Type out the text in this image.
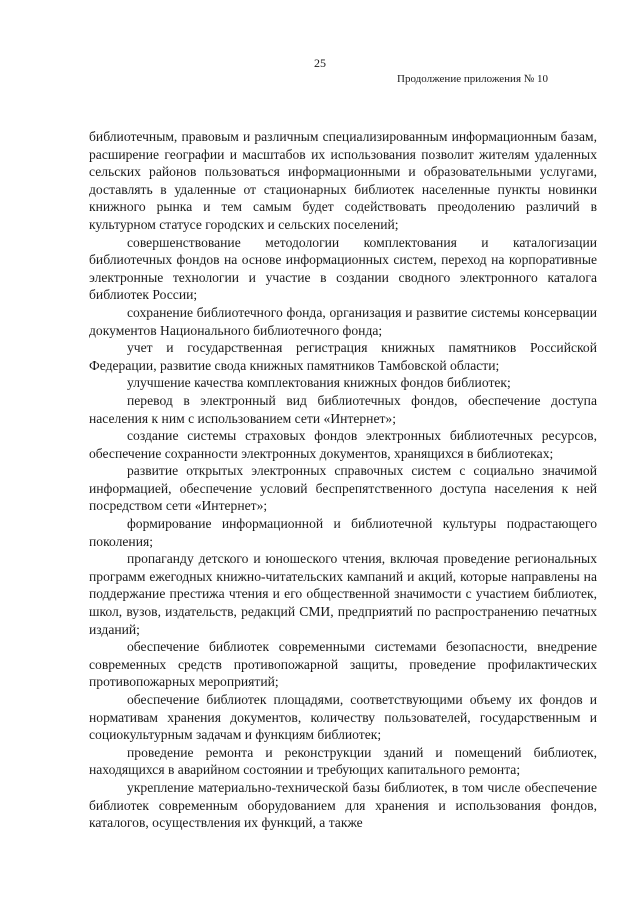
25
Продолжение приложения № 10

библиотечным, правовым и различным специализированным информационным базам, расширение географии и масштабов их использования позволит жителям удаленных сельских районов пользоваться информационными и образовательными услугами, доставлять в удаленные от стационарных библиотек населенные пункты новинки книжного рынка и тем самым будет содействовать преодолению различий в культурном статусе городских и сельских поселений;

совершенствование методологии комплектования и каталогизации библиотечных фондов на основе информационных систем, переход на корпоративные электронные технологии и участие в создании сводного электронного каталога библиотек России;

сохранение библиотечного фонда, организация и развитие системы консервации документов Национального библиотечного фонда;

учет и государственная регистрация книжных памятников Российской Федерации, развитие свода книжных памятников Тамбовской области;

улучшение качества комплектования книжных фондов библиотек;

перевод в электронный вид библиотечных фондов, обеспечение доступа населения к ним с использованием сети «Интернет»;

создание системы страховых фондов электронных библиотечных ресурсов, обеспечение сохранности электронных документов, хранящихся в библиотеках;

развитие открытых электронных справочных систем с социально значимой информацией, обеспечение условий беспрепятственного доступа населения к ней посредством сети «Интернет»;

формирование информационной и библиотечной культуры подрастающего поколения;

пропаганду детского и юношеского чтения, включая проведение региональных программ ежегодных книжно-читательских кампаний и акций, которые направлены на поддержание престижа чтения и его общественной значимости с участием библиотек, школ, вузов, издательств, редакций СМИ, предприятий по распространению печатных изданий;

обеспечение библиотек современными системами безопасности, внедрение современных средств противопожарной защиты, проведение профилактических противопожарных мероприятий;

обеспечение библиотек площадями, соответствующими объему их фондов и нормативам хранения документов, количеству пользователей, государственным и социокультурным задачам и функциям библиотек;

проведение ремонта и реконструкции зданий и помещений библиотек, находящихся в аварийном состоянии и требующих капитального ремонта;

укрепление материально-технической базы библиотек, в том числе обеспечение библиотек современным оборудованием для хранения и использования фондов, каталогов, осуществления их функций, а также
